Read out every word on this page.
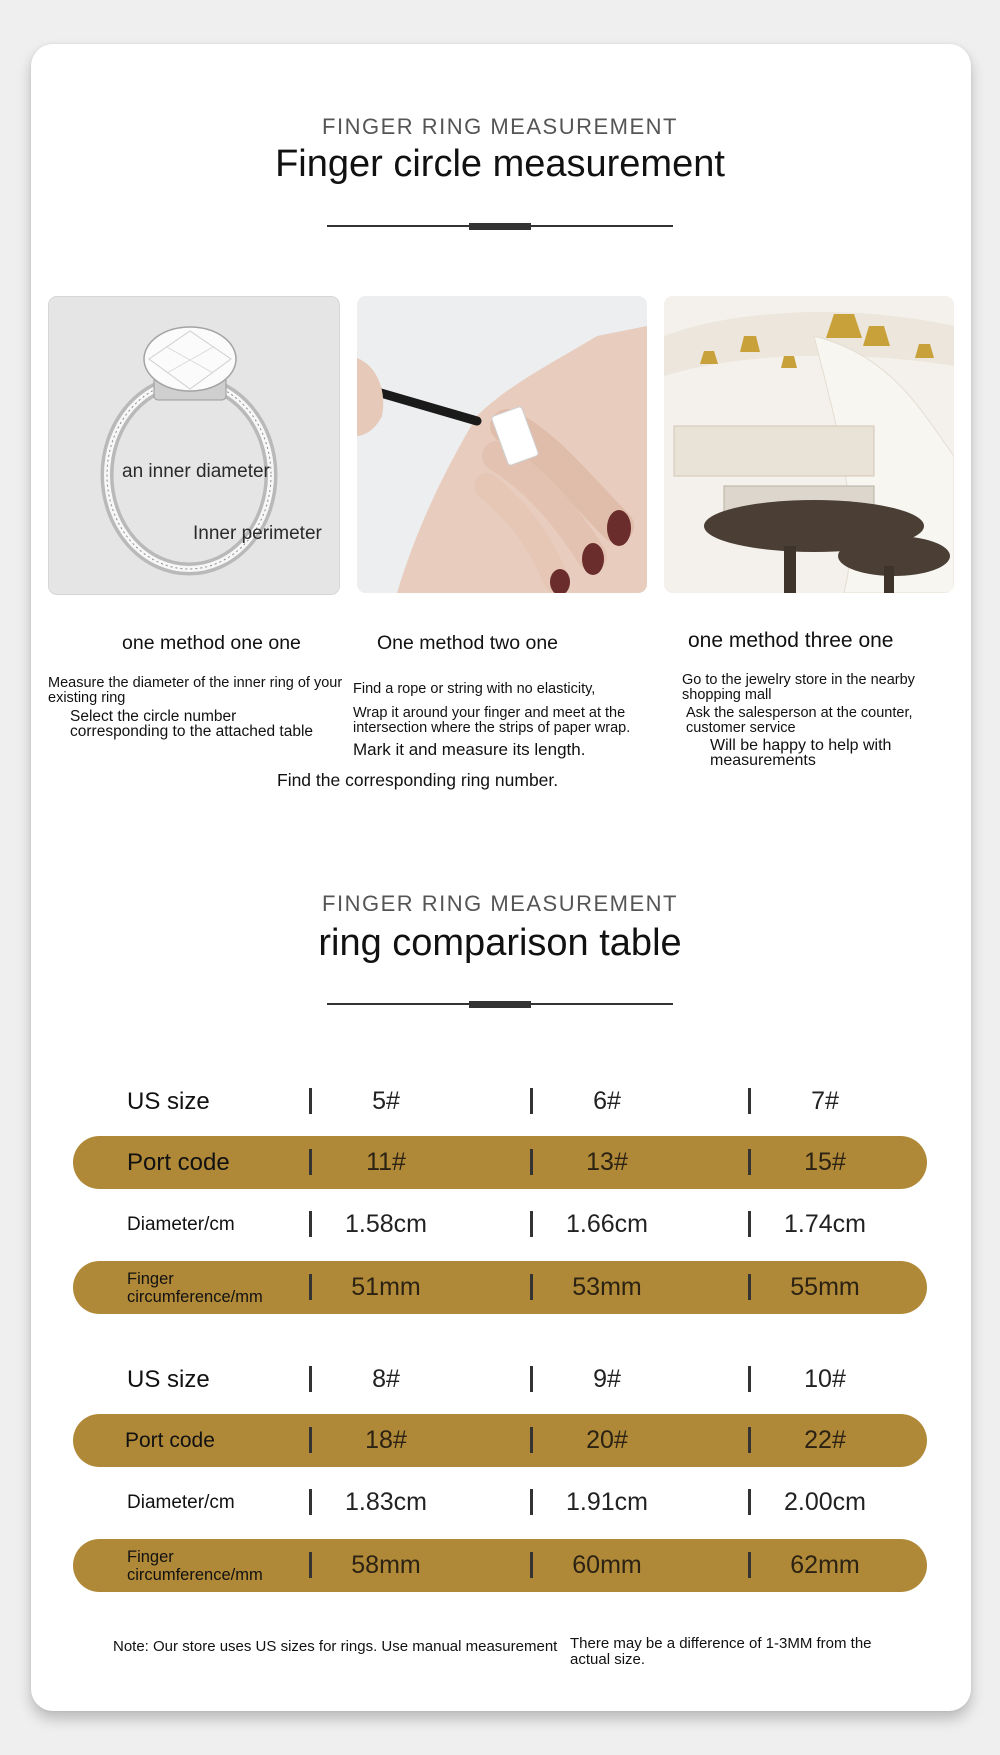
FINGER RING MEASUREMENT
Finger circle measurement
an inner diameter
Inner perimeter
one method one one	One method two one	one method three one
Measure the diameter of the inner ring of your existing ring
Select the circle number corresponding to the attached table
Find a rope or string with no elasticity,
Wrap it around your finger and meet at the intersection where the strips of paper wrap.
Mark it and measure its length.
Go to the jewelry store in the nearby shopping mall
Ask the salesperson at the counter, customer service
Will be happy to help with measurements
Find the corresponding ring number.
FINGER RING MEASUREMENT
ring comparison table
US size	5#	6#	7#
Port code	11#	13#	15#
Diameter/cm	1.58cm	1.66cm	1.74cm
Finger
circumference/mm	51mm	53mm	55mm
US size	8#	9#	10#
Port code	18#	20#	22#
Diameter/cm	1.83cm	1.91cm	2.00cm
Finger
circumference/mm	58mm	60mm	62mm
Note: Our store uses US sizes for rings. Use manual measurement There may be a difference of 1-3MM from the actual size.
